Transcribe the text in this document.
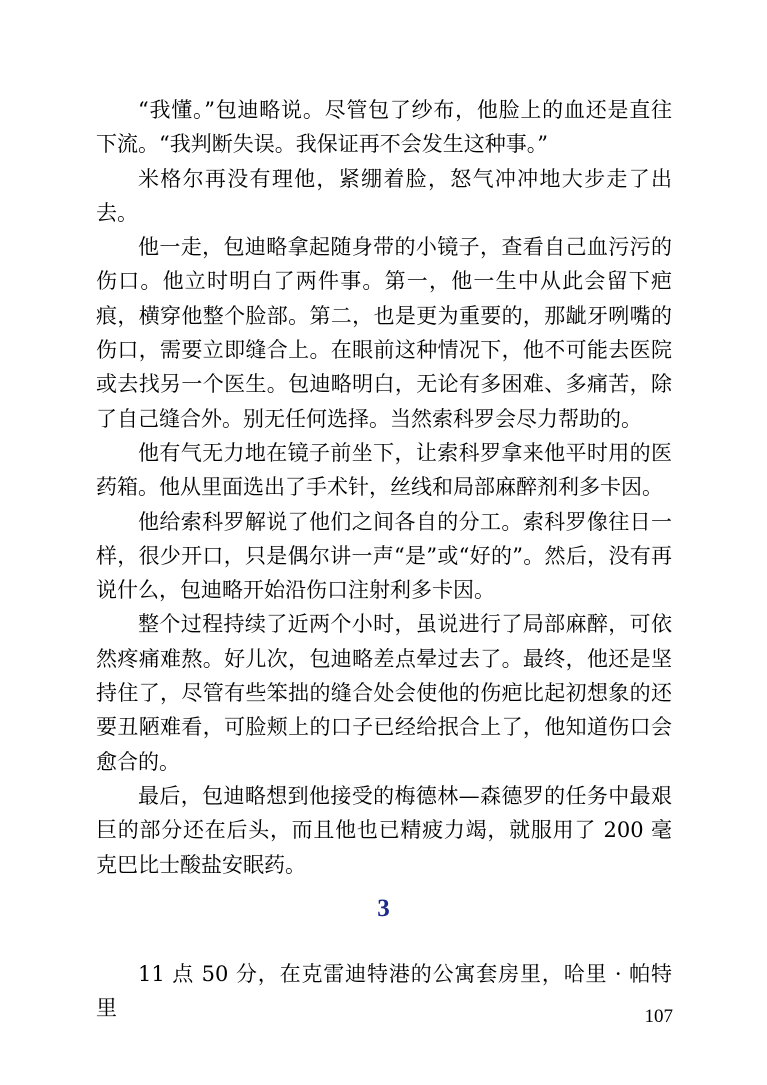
“我懂。”包迪略说。尽管包了纱布，他脸上的血还是直往下流。“我判断失误。我保证再不会发生这种事。”

米格尔再没有理他，紧绷着脸，怒气冲冲地大步走了出去。

他一走，包迪略拿起随身带的小镜子，查看自己血污污的伤口。他立时明白了两件事。第一，他一生中从此会留下疤痕，横穿他整个脸部。第二，也是更为重要的，那龇牙咧嘴的伤口，需要立即缝合上。在眼前这种情况下，他不可能去医院或去找另一个医生。包迪略明白，无论有多困难、多痛苦，除了自己缝合外。别无任何选择。当然索科罗会尽力帮助的。

他有气无力地在镜子前坐下，让索科罗拿来他平时用的医药箱。他从里面选出了手术针，丝线和局部麻醉剂利多卡因。

他给索科罗解说了他们之间各自的分工。索科罗像往日一样，很少开口，只是偶尔讲一声“是”或“好的”。然后，没有再说什么，包迪略开始沿伤口注射利多卡因。

整个过程持续了近两个小时，虽说进行了局部麻醉，可依然疼痛难熬。好儿次，包迪略差点晕过去了。最终，他还是坚持住了，尽管有些笨拙的缝合处会使他的伤疤比起初想象的还要丑陋难看，可脸颊上的口子已经给抿合上了，他知道伤口会愈合的。

最后，包迪略想到他接受的梅德林—森德罗的任务中最艰巨的部分还在后头，而且他也已精疲力竭，就服用了 200 毫克巴比士酸盐安眠药。

3

11 点 50 分，在克雷迪特港的公寓套房里，哈里 · 帕特里	107
